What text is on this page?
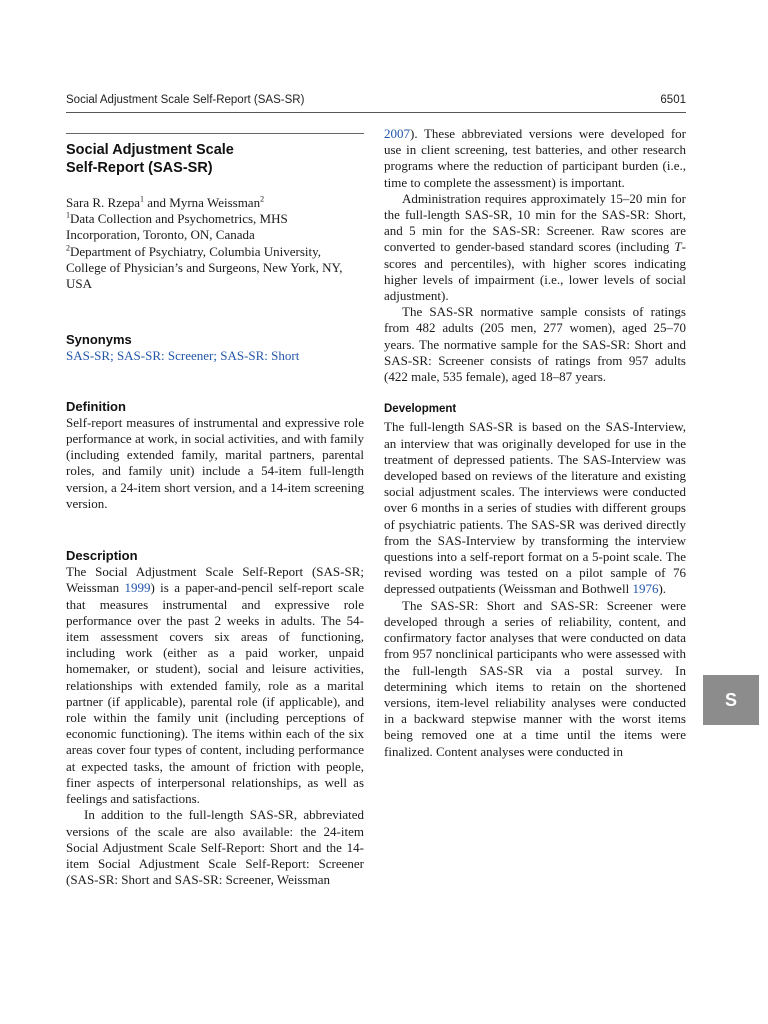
Social Adjustment Scale Self-Report (SAS-SR)	6501
Social Adjustment Scale
Self-Report (SAS-SR)
Sara R. Rzepa$^1$ and Myrna Weissman$^2$
$^1$Data Collection and Psychometrics, MHS Incorporation, Toronto, ON, Canada
$^2$Department of Psychiatry, Columbia University, College of Physician’s and Surgeons, New York, NY, USA
Synonyms

SAS-SR; SAS-SR: Screener; SAS-SR: Short

Definition

Self-report measures of instrumental and expressive role performance at work, in social activities, and with family (including extended family, marital partners, parental roles, and family unit) include a 54-item full-length version, a 24-item short version, and a 14-item screening version.

Description

The Social Adjustment Scale Self-Report (SAS-SR; Weissman 1999) is a paper-and-pencil self-report scale that measures instrumental and expressive role performance over the past 2 weeks in adults. The 54-item assessment covers six areas of functioning, including work (either as a paid worker, unpaid homemaker, or student), social and leisure activities, relationships with extended family, role as a marital partner (if applicable), parental role (if applicable), and role within the family unit (including perceptions of economic functioning). The items within each of the six areas cover four types of content, including performance at expected tasks, the amount of friction with people, finer aspects of interpersonal relationships, as well as feelings and satisfactions.

In addition to the full-length SAS-SR, abbreviated versions of the scale are also available: the 24-item Social Adjustment Scale Self-Report: Short and the 14-item Social Adjustment Scale Self-Report: Screener (SAS-SR: Short and SAS-SR: Screener, Weissman

2007). These abbreviated versions were developed for use in client screening, test batteries, and other research programs where the reduction of participant burden (i.e., time to complete the assessment) is important.

Administration requires approximately 15–20 min for the full-length SAS-SR, 10 min for the SAS-SR: Short, and 5 min for the SAS-SR: Screener. Raw scores are converted to gender-based standard scores (including T-scores and percentiles), with higher scores indicating higher levels of impairment (i.e., lower levels of social adjustment).

The SAS-SR normative sample consists of ratings from 482 adults (205 men, 277 women), aged 25–70 years. The normative sample for the SAS-SR: Short and SAS-SR: Screener consists of ratings from 957 adults (422 male, 535 female), aged 18–87 years.

Development

The full-length SAS-SR is based on the SAS-Interview, an interview that was originally developed for use in the treatment of depressed patients. The SAS-Interview was developed based on reviews of the literature and existing social adjustment scales. The interviews were conducted over 6 months in a series of studies with different groups of psychiatric patients. The SAS-SR was derived directly from the SAS-Interview by transforming the interview questions into a self-report format on a 5-point scale. The revised wording was tested on a pilot sample of 76 depressed outpatients (Weissman and Bothwell 1976).

The SAS-SR: Short and SAS-SR: Screener were developed through a series of reliability, content, and confirmatory factor analyses that were conducted on data from 957 nonclinical participants who were assessed with the full-length SAS-SR via a postal survey. In determining which items to retain on the shortened versions, item-level reliability analyses were conducted in a backward stepwise manner with the worst items being removed one at a time until the items were finalized. Content analyses were conducted in

S
